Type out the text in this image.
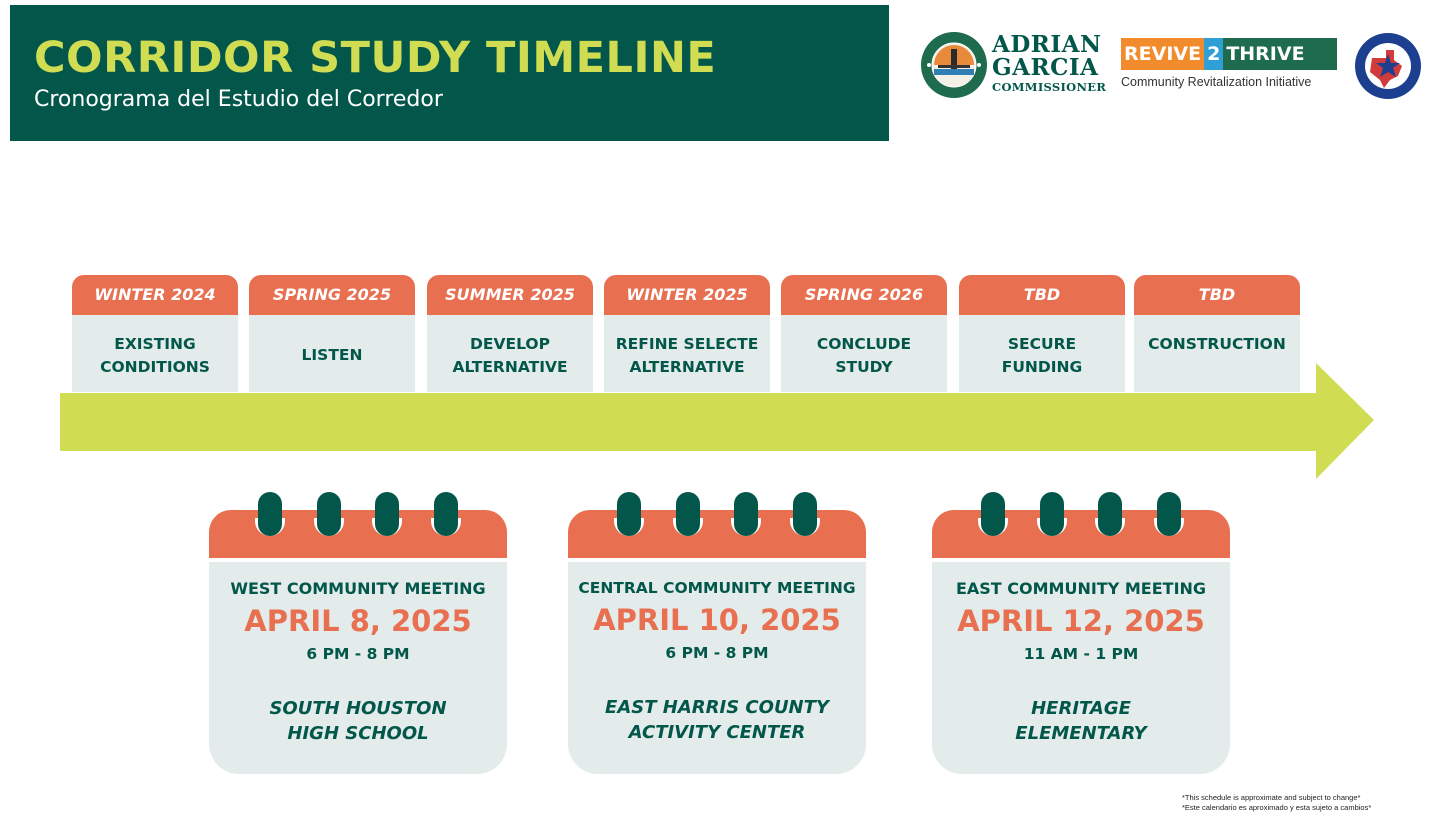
CORRIDOR STUDY TIMELINE
Cronograma del Estudio del Corredor
ADRIAN
GARCIA
COMMISSIONER
REVIVE 2 THRIVE
Community Revitalization Initiative
WINTER 2024
EXISTING
CONDITIONS
SPRING 2025
LISTEN
SUMMER 2025
DEVELOP
ALTERNATIVE
WINTER 2025
REFINE SELECTE
ALTERNATIVE
SPRING 2026
CONCLUDE
STUDY
TBD
SECURE
FUNDING
TBD
CONSTRUCTION
WEST COMMUNITY MEETING
APRIL 8, 2025
6 PM - 8 PM
SOUTH HOUSTON
HIGH SCHOOL
CENTRAL COMMUNITY MEETING
APRIL 10, 2025
6 PM - 8 PM
EAST HARRIS COUNTY
ACTIVITY CENTER
EAST COMMUNITY MEETING
APRIL 12, 2025
11 AM - 1 PM
HERITAGE
ELEMENTARY
*This schedule is approximate and subject to change*
*Este calendario es aproximado y esta sujeto a cambios*
